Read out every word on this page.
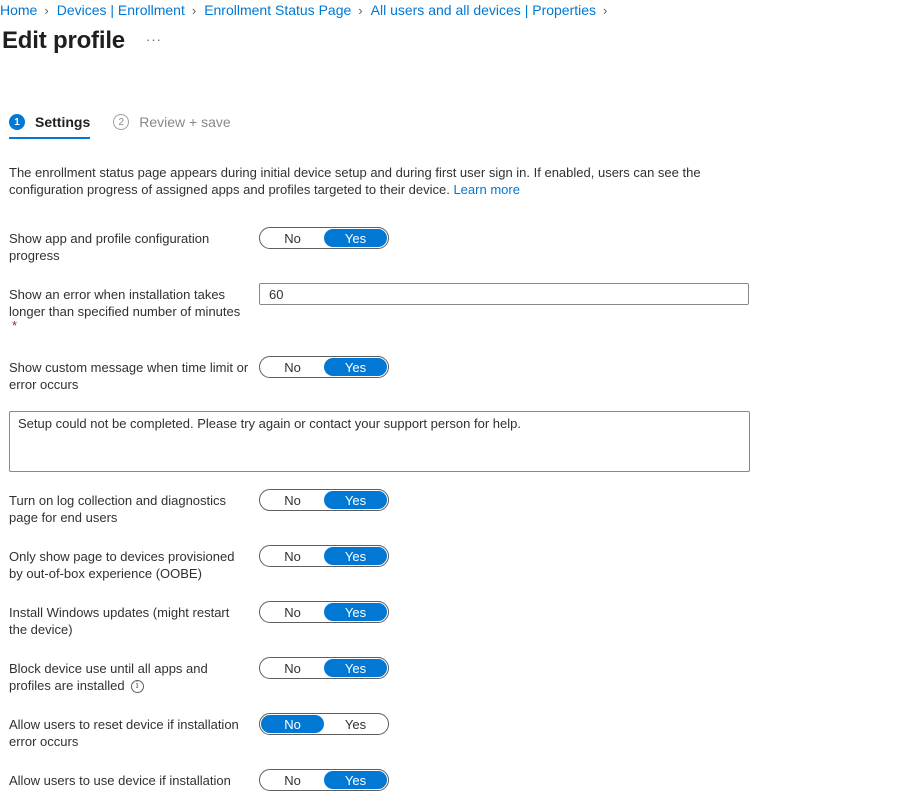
Home › Devices | Enrollment › Enrollment Status Page › All users and all devices | Properties ›
Edit profile ···
1	Settings	2	Review + save
The enrollment status page appears during initial device setup and during first user sign in. If enabled, users can see the configuration progress of assigned apps and profiles targeted to their device. Learn more
Show app and profile configuration progress
No	Yes
Show an error when installation takes longer than specified number of minutes
*
60
Show custom message when time limit or error occurs
No	Yes
Setup could not be completed. Please try again or contact your support person for help.
Turn on log collection and diagnostics page for end users
No	Yes
Only show page to devices provisioned by out-of-box experience (OOBE)
No	Yes
Install Windows updates (might restart the device)
No	Yes
Block device use until all apps and profiles are installed i
No	Yes
Allow users to reset device if installation error occurs
No	Yes
Allow users to use device if installation	No	Yes
